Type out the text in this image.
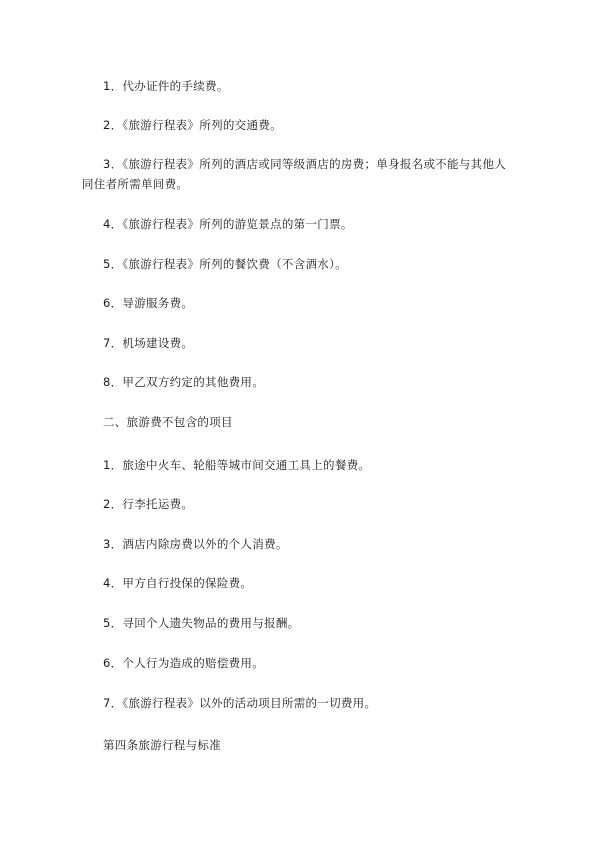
1．代办证件的手续费。
2．《旅游行程表》所列的交通费。
3．《旅游行程表》所列的酒店或同等级酒店的房费；单身报名或不能与其他人
同住者所需单间费。
4．《旅游行程表》所列的游览景点的第一门票。
5．《旅游行程表》所列的餐饮费（不含酒水）。
6．导游服务费。
7．机场建设费。
8．甲乙双方约定的其他费用。
二、旅游费不包含的项目
1．旅途中火车、轮船等城市间交通工具上的餐费。
2．行李托运费。
3．酒店内除房费以外的个人消费。
4．甲方自行投保的保险费。
5．寻回个人遗失物品的费用与报酬。
6．个人行为造成的赔偿费用。
7．《旅游行程表》以外的活动项目所需的一切费用。
第四条旅游行程与标准
